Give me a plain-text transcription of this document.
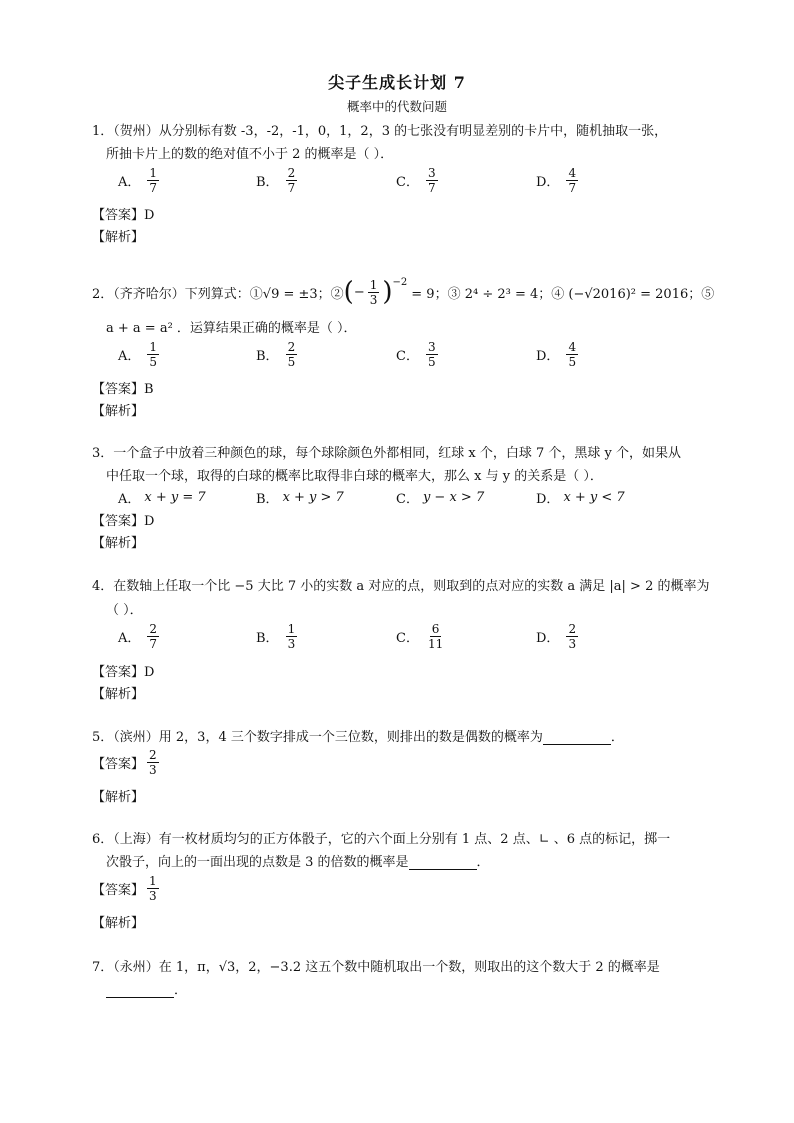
尖子生成长计划 7
概率中的代数问题
1．（贺州）从分别标有数 -3，-2，-1，0，1，2，3 的七张没有明显差别的卡片中，随机抽取一张，
所抽卡片上的数的绝对值不小于 2 的概率是（ ）．
A． $\frac{1}{7}$	B． $\frac{2}{7}$	C． $\frac{3}{7}$	D． $\frac{4}{7}$
【答案】D
【解析】
2．（齐齐哈尔）下列算式：① √9 = ±3；② ( − $\frac{1}{3} )^{-2}$
= 9；③ 2⁴ ÷ 2³ = 4；④ (−√2016)² = 2016；⑤
a + a = a² ．运算结果正确的概率是（ ）．
A． $\frac{1}{5}$	B． $\frac{2}{5}$	C． $\frac{3}{5}$	D． $\frac{4}{5}$
【答案】B
【解析】
3．一个盒子中放着三种颜色的球，每个球除颜色外都相同，红球 x 个，白球 7 个，黑球 y 个，如果从
中任取一个球，取得的白球的概率比取得非白球的概率大，那么 x 与 y 的关系是（ ）．
A． x + y = 7	B． x + y > 7	C． y − x > 7	D． x + y < 7
【答案】D
【解析】
4．在数轴上任取一个比 −5 大比 7 小的实数 a 对应的点，则取到的点对应的实数 a 满足 |a| > 2 的概率为
（ ）．
A． $\frac{2}{7}$	B． $\frac{1}{3}$	C． $\frac{6}{11}$	D． $\frac{2}{3}$
【答案】D
【解析】
5．（滨州）用 2，3，4 三个数字排成一个三位数，则排出的数是偶数的概率为	．
【答案】 $\frac{2}{3}$
【解析】
6．（上海）有一枚材质均匀的正方体骰子，它的六个面上分别有 1 点、2 点、∟ 、6 点的标记，掷一
次骰子，向上的一面出现的点数是 3 的倍数的概率是	．
【答案】 $\frac{1}{3}$
【解析】
7．（永州）在 1，π，√3，2，−3.2 这五个数中随机取出一个数，则取出的这个数大于 2 的概率是
．
